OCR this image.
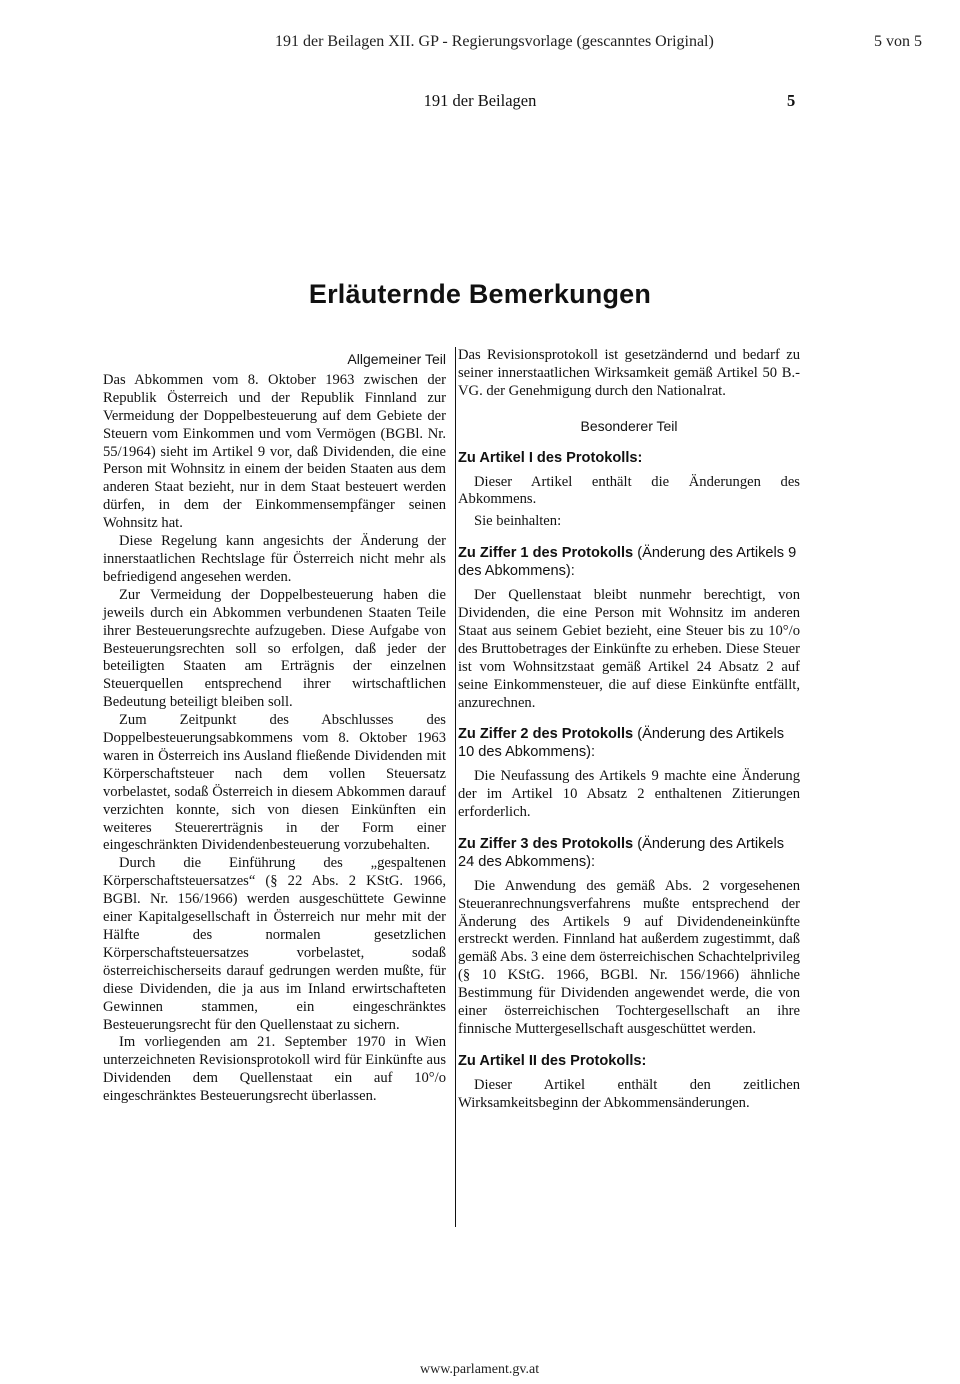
191 der Beilagen XII. GP - Regierungsvorlage (gescanntes Original)	5 von 5
191 der Beilagen	5
Erläuternde Bemerkungen
Allgemeiner Teil

Das Abkommen vom 8. Oktober 1963 zwischen der Republik Österreich und der Republik Finnland zur Vermeidung der Doppelbesteuerung auf dem Gebiete der Steuern vom Einkommen und vom Vermögen (BGBl. Nr. 55/1964) sieht im Artikel 9 vor, daß Dividenden, die eine Person mit Wohnsitz in einem der beiden Staaten aus dem anderen Staat bezieht, nur in dem Staat besteuert werden dürfen, in dem der Einkommensempfänger seinen Wohnsitz hat.

Diese Regelung kann angesichts der Änderung der innerstaatlichen Rechtslage für Österreich nicht mehr als befriedigend angesehen werden.

Zur Vermeidung der Doppelbesteuerung haben die jeweils durch ein Abkommen verbundenen Staaten Teile ihrer Besteuerungsrechte aufzugeben. Diese Aufgabe von Besteuerungsrechten soll so erfolgen, daß jeder der beteiligten Staaten am Erträgnis der einzelnen Steuerquellen entsprechend ihrer wirtschaftlichen Bedeutung beteiligt bleiben soll.

Zum Zeitpunkt des Abschlusses des Doppelbesteuerungsabkommens vom 8. Oktober 1963 waren in Österreich ins Ausland fließende Dividenden mit Körperschaftsteuer nach dem vollen Steuersatz vorbelastet, sodaß Österreich in diesem Abkommen darauf verzichten konnte, sich von diesen Einkünften ein weiteres Steuererträgnis in der Form einer eingeschränkten Dividendenbesteuerung vorzubehalten.

Durch die Einführung des „gespaltenen Körperschaftsteuersatzes“ (§ 22 Abs. 2 KStG. 1966, BGBl. Nr. 156/1966) werden ausgeschüttete Gewinne einer Kapitalgesellschaft in Österreich nur mehr mit der Hälfte des normalen gesetzlichen Körperschaftsteuersatzes vorbelastet, sodaß österreichischerseits darauf gedrungen werden mußte, für diese Dividenden, die ja aus im Inland erwirtschafteten Gewinnen stammen, ein eingeschränktes Besteuerungsrecht für den Quellenstaat zu sichern.

Im vorliegenden am 21. September 1970 in Wien unterzeichneten Revisionsprotokoll wird für Einkünfte aus Dividenden dem Quellenstaat ein auf 10°/o eingeschränktes Besteuerungsrecht überlassen.

Das Revisionsprotokoll ist gesetzändernd und bedarf zu seiner innerstaatlichen Wirksamkeit gemäß Artikel 50 B.-VG. der Genehmigung durch den Nationalrat.

Besonderer Teil
Zu Artikel I des Protokolls:

Dieser Artikel enthält die Änderungen des Abkommens.

Sie beinhalten:

Zu Ziffer 1 des Protokolls (Änderung des Artikels 9 des Abkommens):

Der Quellenstaat bleibt nunmehr berechtigt, von Dividenden, die eine Person mit Wohnsitz im anderen Staat aus seinem Gebiet bezieht, eine Steuer bis zu 10°/o des Bruttobetrages der Einkünfte zu erheben. Diese Steuer ist vom Wohnsitzstaat gemäß Artikel 24 Absatz 2 auf seine Einkommensteuer, die auf diese Einkünfte entfällt, anzurechnen.

Zu Ziffer 2 des Protokolls (Änderung des Artikels 10 des Abkommens):

Die Neufassung des Artikels 9 machte eine Änderung der im Artikel 10 Absatz 2 enthaltenen Zitierungen erforderlich.

Zu Ziffer 3 des Protokolls (Änderung des Artikels 24 des Abkommens):

Die Anwendung des gemäß Abs. 2 vorgesehenen Steueranrechnungsverfahrens mußte entsprechend der Änderung des Artikels 9 auf Dividendeneinkünfte erstreckt werden. Finnland hat außerdem zugestimmt, daß gemäß Abs. 3 eine dem österreichischen Schachtelprivileg (§ 10 KStG. 1966, BGBl. Nr. 156/1966) ähnliche Bestimmung für Dividenden angewendet werde, die von einer österreichischen Tochtergesellschaft an ihre finnische Muttergesellschaft ausgeschüttet werden.

Zu Artikel II des Protokolls:

Dieser Artikel enthält den zeitlichen Wirksamkeitsbeginn der Abkommensänderungen.

www.parlament.gv.at
